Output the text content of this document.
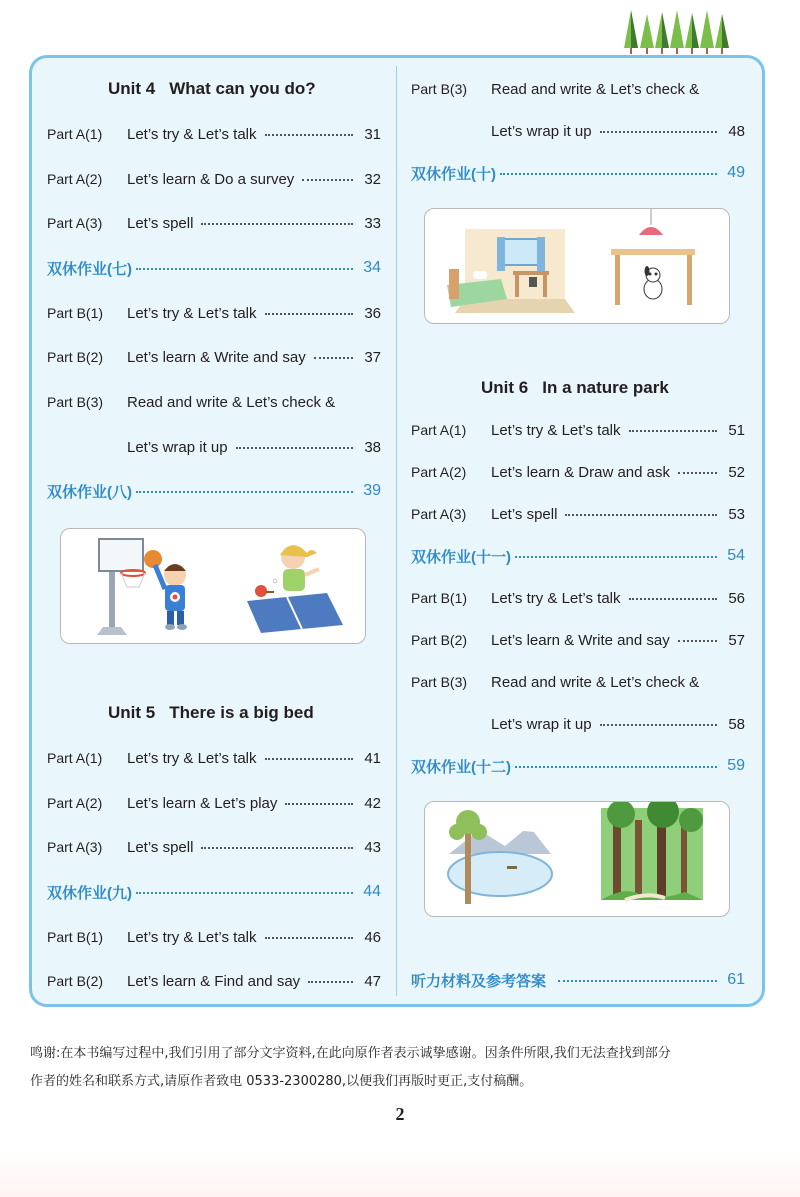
Unit 4 What can you do?
Part A(1)	Let’s try & Let’s talk	31
Part A(2)	Let’s learn & Do a survey	32
Part A(3)	Let’s spell	33
双休作业(七)	34
Part B(1)	Let’s try & Let’s talk	36
Part B(2)	Let’s learn & Write and say	37
Part B(3)	Read and write & Let’s check &
Let’s wrap it up	38
双休作业(八)	39
Unit 5 There is a big bed
Part A(1)	Let’s try & Let’s talk	41
Part A(2)	Let’s learn & Let’s play	42
Part A(3)	Let’s spell	43
双休作业(九)	44
Part B(1)	Let’s try & Let’s talk	46
Part B(2)	Let’s learn & Find and say	47
Part B(3)	Read and write & Let’s check &
Let’s wrap it up	48
双休作业(十)	49
Unit 6 In a nature park
Part A(1)	Let’s try & Let’s talk	51
Part A(2)	Let’s learn & Draw and ask	52
Part A(3)	Let’s spell	53
双休作业(十一)	54
Part B(1)	Let’s try & Let’s talk	56
Part B(2)	Let’s learn & Write and say	57
Part B(3)	Read and write & Let’s check &
Let’s wrap it up	58
双休作业(十二)	59
听力材料及参考答案	61
鸣谢:在本书编写过程中,我们引用了部分文字资料,在此向原作者表示诚挚感谢。因条件所限,我们无法查找到部分
作者的姓名和联系方式,请原作者致电 0533-2300280,以便我们再版时更正,支付稿酬。
2
